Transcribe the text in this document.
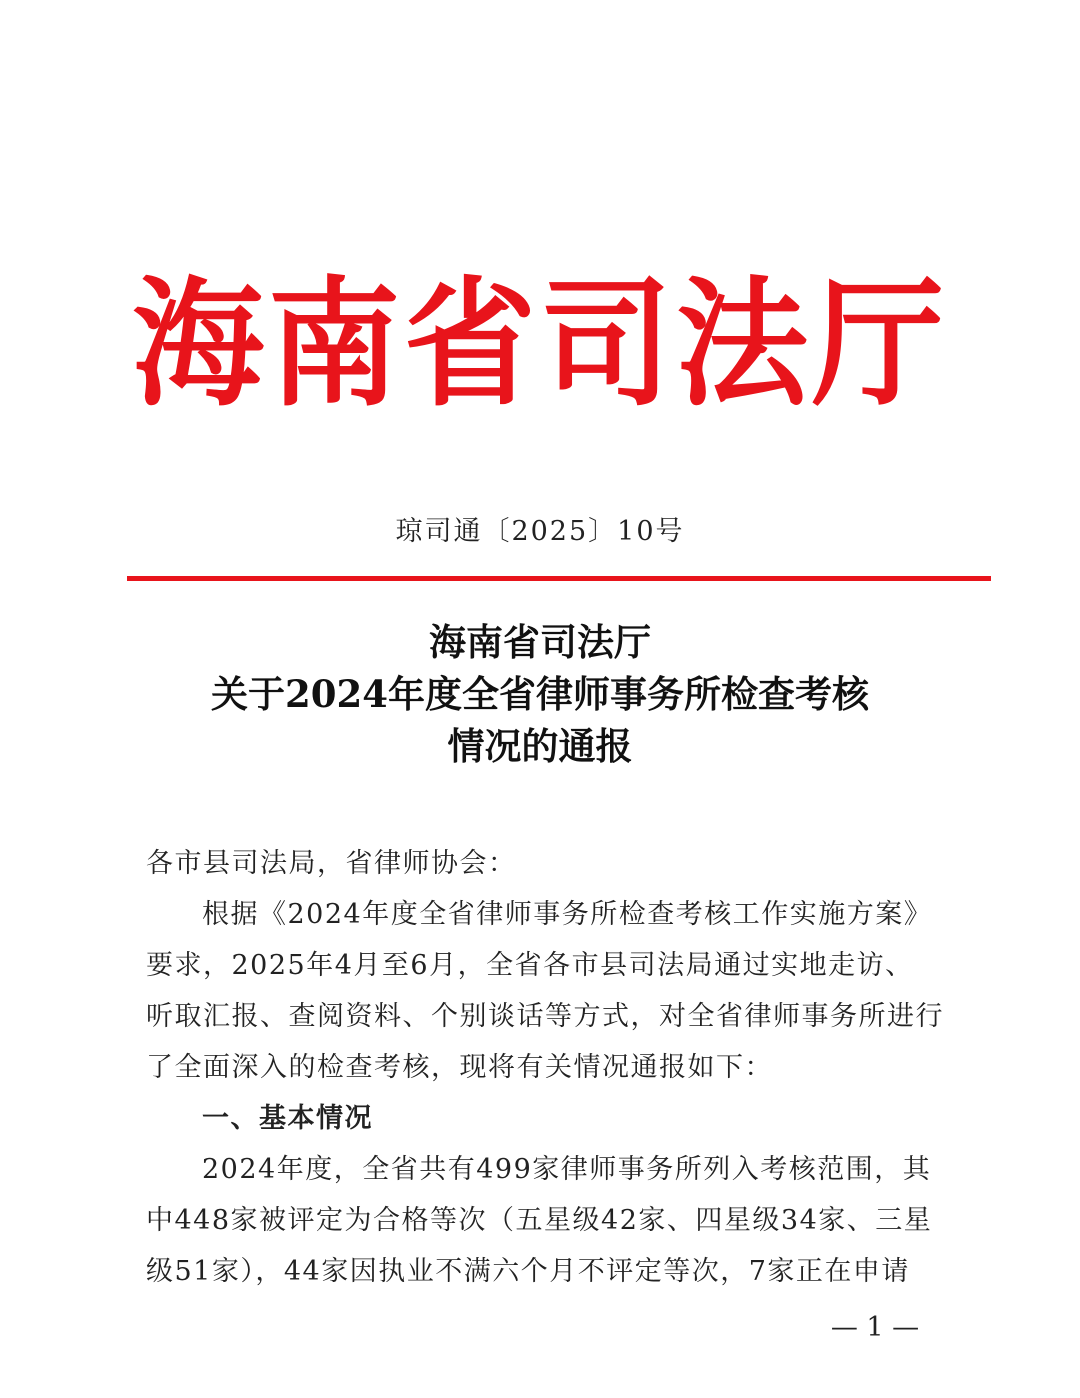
海南省司法厅
琼司通〔2025〕10号
海南省司法厅
关于2024年度全省律师事务所检查考核
情况的通报

各市县司法局，省律师协会：

根据《2024年度全省律师事务所检查考核工作实施方案》

要求，2025年4月至6月，全省各市县司法局通过实地走访、

听取汇报、查阅资料、个别谈话等方式，对全省律师事务所进行

了全面深入的检查考核，现将有关情况通报如下：

一、基本情况

2024年度，全省共有499家律师事务所列入考核范围，其

中448家被评定为合格等次（五星级42家、四星级34家、三星

级51家），44家因执业不满六个月不评定等次，7家正在申请

— 1 —
